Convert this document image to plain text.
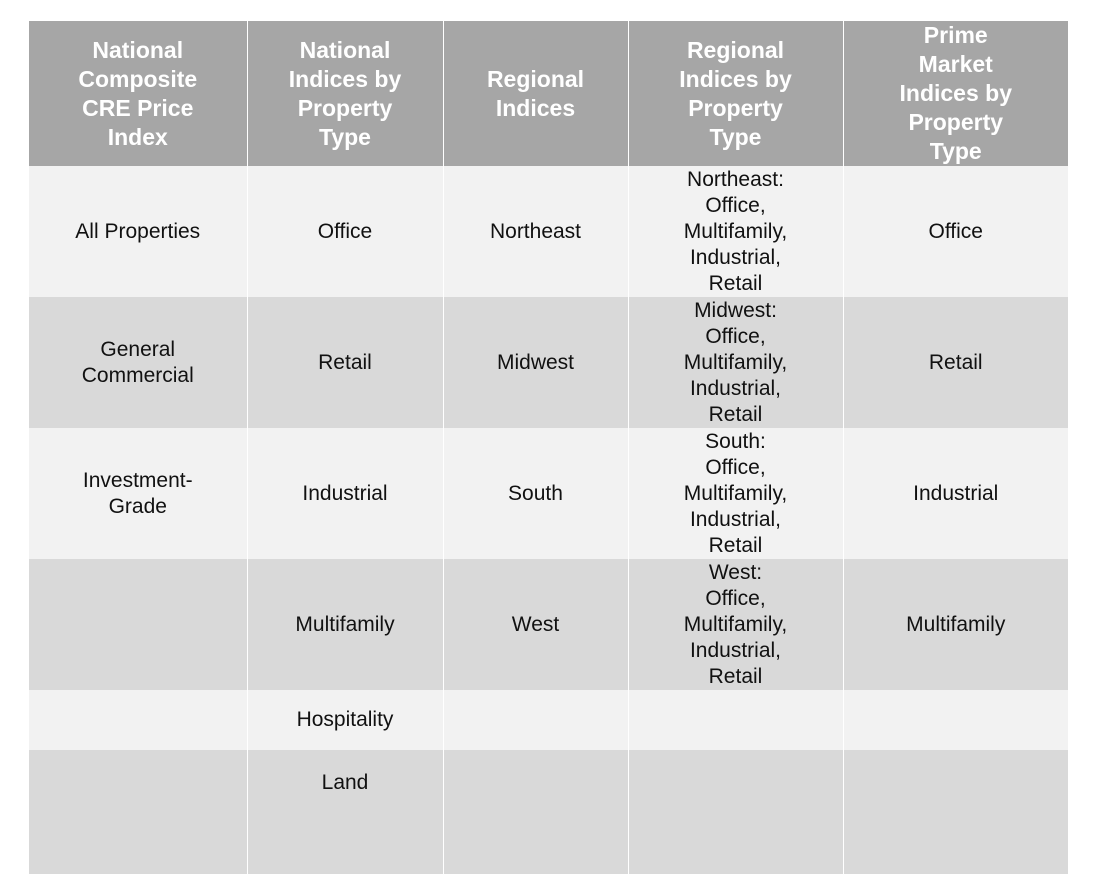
National
Composite
CRE Price
Index	National
Indices by
Property
Type	Regional
Indices	Regional
Indices by
Property
Type	Prime
Market
Indices by
Property
Type

All Properties	Office	Northeast	Northeast:
Office,
Multifamily,
Industrial,
Retail	Office
General
Commercial	Retail	Midwest	Midwest:
Office,
Multifamily,
Industrial,
Retail	Retail
Investment-
Grade	Industrial	South	South:
Office,
Multifamily,
Industrial,
Retail	Industrial
	Multifamily	West	West:
Office,
Multifamily,
Industrial,
Retail	Multifamily
	Hospitality			
	Land			
